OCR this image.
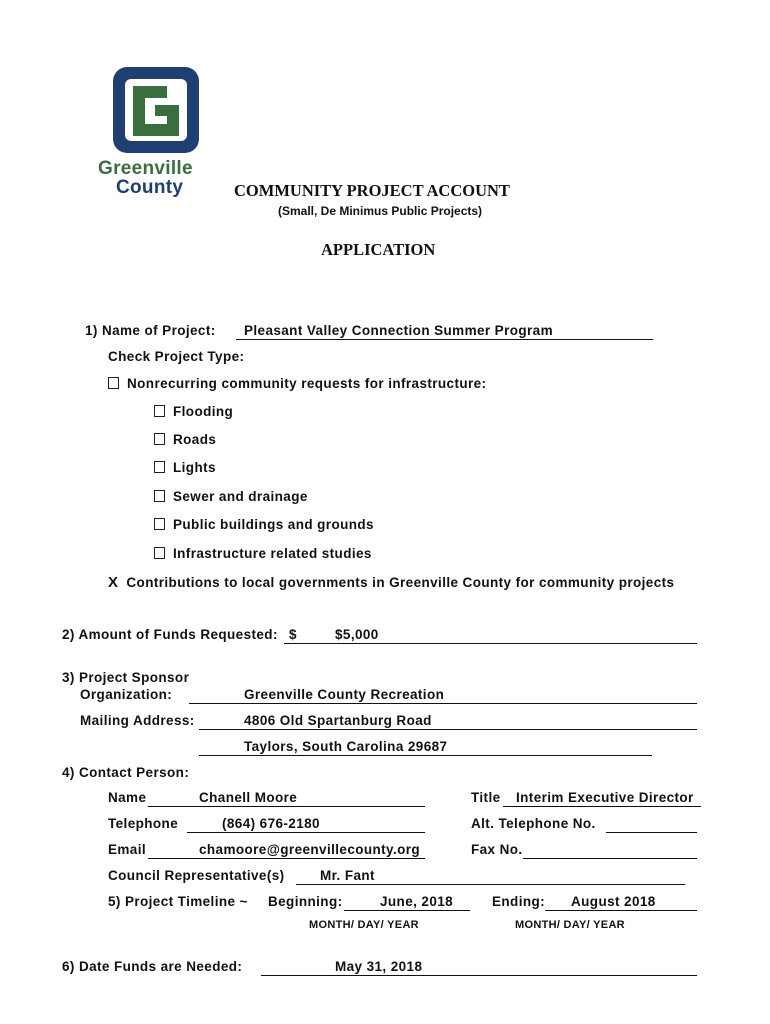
Greenville
County	COMMUNITY PROJECT ACCOUNT
(Small, De Minimus Public Projects)
APPLICATION
1) Name of Project: Pleasant Valley Connection Summer Program
Check Project Type:
Nonrecurring community requests for infrastructure:
Flooding
Roads
Lights
Sewer and drainage
Public buildings and grounds
Infrastructure related studies
X Contributions to local governments in Greenville County for community projects
2) Amount of Funds Requested: $	$5,000
3) Project Sponsor
Organization:	Greenville County Recreation
Mailing Address:	4806 Old Spartanburg Road
Taylors, South Carolina 29687
4) Contact Person:
Name	Chanell Moore	Title Interim Executive Director
Telephone	(864) 676-2180	Alt. Telephone No.
Email	chamoore@greenvillecounty.org	Fax No.
Council Representative(s)	Mr. Fant
5) Project Timeline ~ Beginning:	June, 2018	Ending: August 2018
MONTH/ DAY/ YEAR	MONTH/ DAY/ YEAR
6) Date Funds are Needed:	May 31, 2018
